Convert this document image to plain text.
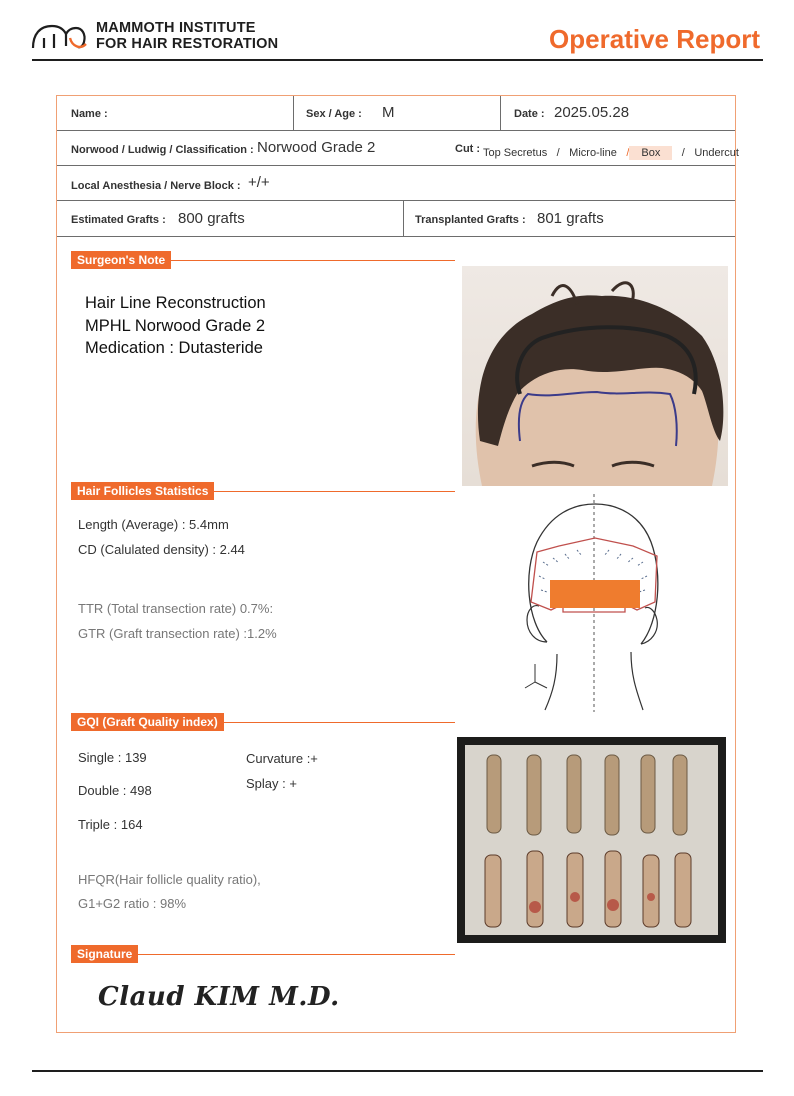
MAMMOTH INSTITUTE
FOR HAIR RESTORATION	Operative Report
Name :	Sex / Age : M	Date : 2025.05.28
Norwood / Ludwig / Classification : Norwood Grade 2	Cut : Top Secretus / Micro-line / Box / Undercut
Local Anesthesia / Nerve Block : +/+
Estimated Grafts : 800 grafts	Transplanted Grafts : 801 grafts
Surgeon's Note
Hair Line Reconstruction
MPHL Norwood Grade 2
Medication : Dutasteride
Hair Follicles Statistics
Length (Average) : 5.4mm
CD (Calulated density) : 2.44
TTR (Total transection rate) 0.7%:
GTR (Graft transection rate) :1.2%
GQI (Graft Quality index)
Single : 139
Double : 498
Triple : 164
Curvature :+
Splay : +
HFQR(Hair follicle quality ratio),
G1+G2 ratio : 98%
Signature
Claud KIM M.D.
